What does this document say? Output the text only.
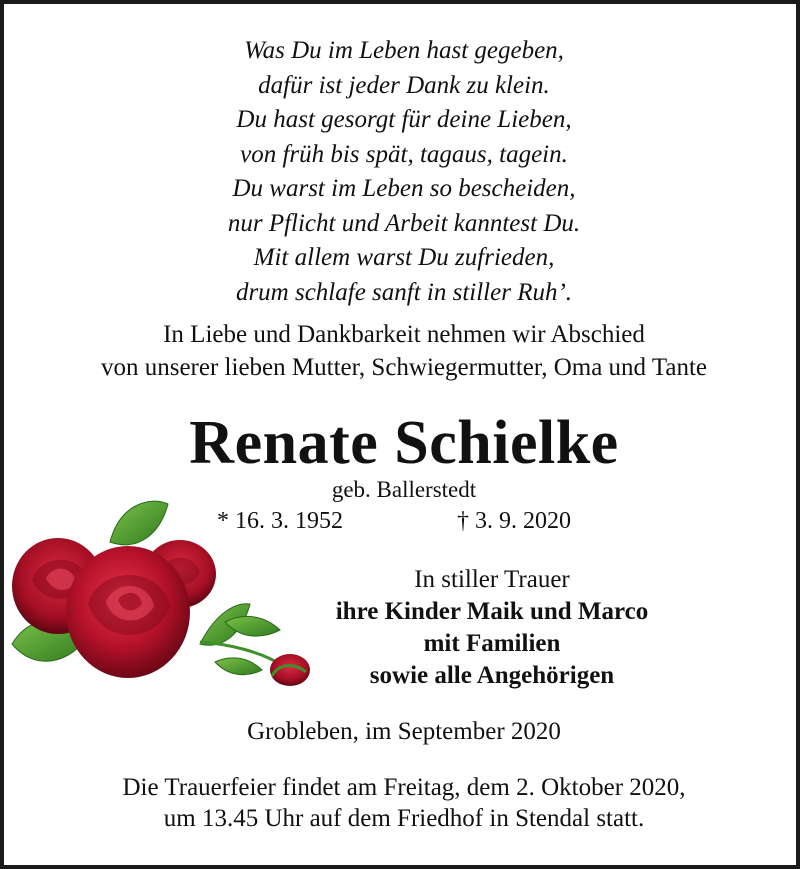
Was Du im Leben hast gegeben,
dafür ist jeder Dank zu klein.
Du hast gesorgt für deine Lieben,
von früh bis spät, tagaus, tagein.
Du warst im Leben so bescheiden,
nur Pflicht und Arbeit kanntest Du.
Mit allem warst Du zufrieden,
drum schlafe sanft in stiller Ruh’.
In Liebe und Dankbarkeit nehmen wir Abschied
von unserer lieben Mutter, Schwiegermutter, Oma und Tante
Renate Schielke
geb. Ballerstedt
* 16. 3. 1952	† 3. 9. 2020
In stiller Trauer
ihre Kinder Maik und Marco
mit Familien
sowie alle Angehörigen
Grobleben, im September 2020
Die Trauerfeier findet am Freitag, dem 2. Oktober 2020,
um 13.45 Uhr auf dem Friedhof in Stendal statt.
